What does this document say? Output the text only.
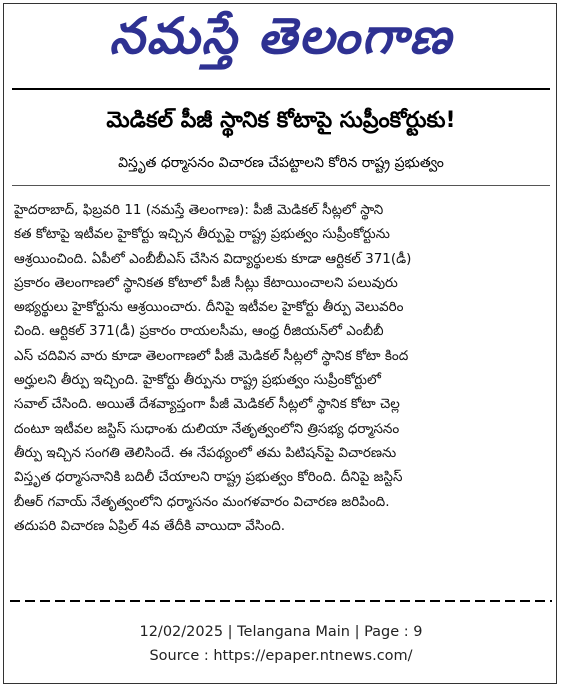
నమస్తే తెలంగాణ
మెడికల్ పీజీ స్థానిక కోటాపై సుప్రీంకోర్టుకు!
విస్తృత ధర్మాసనం విచారణ చేపట్టాలని కోరిన రాష్ట్ర ప్రభుత్వం
హైదరాబాద్, ఫిబ్రవరి 11 (నమస్తే తెలంగాణ): పీజీ మెడికల్ సీట్లలో స్థాని
కత కోటాపై ఇటీవల హైకోర్టు ఇచ్చిన తీర్పుపై రాష్ట్ర ప్రభుత్వం సుప్రీంకోర్టును
ఆశ్రయించింది. ఏపీలో ఎంబీబీఎస్ చేసిన విద్యార్థులకు కూడా ఆర్టికల్ 371(డీ)
ప్రకారం తెలంగాణలో స్థానికత కోటాలో పీజీ సీట్లు కేటాయించాలని పలువురు
అభ్యర్థులు హైకోర్టును ఆశ్రయించారు. దీనిపై ఇటీవల హైకోర్టు తీర్పు వెలువరిం
చింది. ఆర్టికల్ 371(డీ) ప్రకారం రాయలసీమ, ఆంధ్ర రీజియన్‌లో ఎంబీబీ
ఎస్ చదివిన వారు కూడా తెలంగాణలో పీజీ మెడికల్ సీట్లలో స్థానిక కోటా కింద
అర్హులని తీర్పు ఇచ్చింది. హైకోర్టు తీర్పును రాష్ట్ర ప్రభుత్వం సుప్రీంకోర్టులో
సవాల్ చేసింది. అయితే దేశవ్యాప్తంగా పీజీ మెడికల్ సీట్లలో స్థానిక కోటా చెల్ల
దంటూ ఇటీవల జస్టిస్ సుధాంశు దులియా నేతృత్వంలోని త్రిసభ్య ధర్మాసనం
తీర్పు ఇచ్చిన సంగతి తెలిసిందే. ఈ నేపథ్యంలో తమ పిటిషన్‌పై విచారణను
విస్తృత ధర్మాసనానికి బదిలీ చేయాలని రాష్ట్ర ప్రభుత్వం కోరింది. దీనిపై జస్టిస్
బీఆర్ గవాయ్ నేతృత్వంలోని ధర్మాసనం మంగళవారం విచారణ జరిపింది.
తదుపరి విచారణ ఏప్రిల్ 4వ తేదీకి వాయిదా వేసింది.
12/02/2025 | Telangana Main | Page : 9
Source : https://epaper.ntnews.com/
